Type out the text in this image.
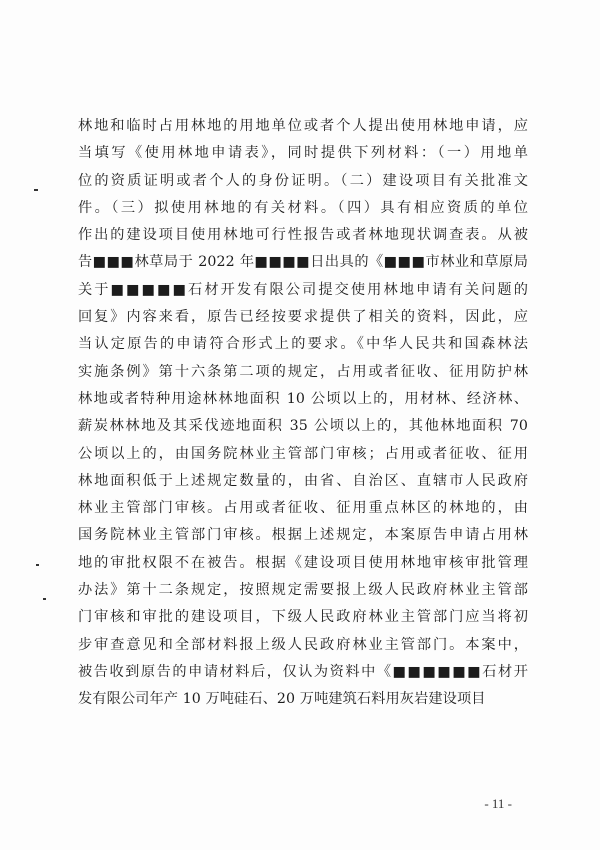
林地和临时占用林地的用地单位或者个人提出使用林地申请，应
当填写《使用林地申请表》，同时提供下列材料：（一）用地单
位的资质证明或者个人的身份证明。（二）建设项目有关批准文
件。（三）拟使用林地的有关材料。（四）具有相应资质的单位
作出的建设项目使用林地可行性报告或者林地现状调查表。从被
告■■■林草局于 2022 年■■■■日出具的《■■■市林业和草原局
关于■■■■■石材开发有限公司提交使用林地申请有关问题的
回复》内容来看，原告已经按要求提供了相关的资料，因此，应
当认定原告的申请符合形式上的要求。《中华人民共和国森林法
实施条例》第十六条第二项的规定，占用或者征收、征用防护林
林地或者特种用途林林地面积 10 公顷以上的，用材林、经济林、
薪炭林林地及其采伐迹地面积 35 公顷以上的，其他林地面积 70
公顷以上的，由国务院林业主管部门审核；占用或者征收、征用
林地面积低于上述规定数量的，由省、自治区、直辖市人民政府
林业主管部门审核。占用或者征收、征用重点林区的林地的，由
国务院林业主管部门审核。根据上述规定，本案原告申请占用林
地的审批权限不在被告。根据《建设项目使用林地审核审批管理
办法》第十二条规定，按照规定需要报上级人民政府林业主管部
门审核和审批的建设项目，下级人民政府林业主管部门应当将初
步审查意见和全部材料报上级人民政府林业主管部门。本案中，
被告收到原告的申请材料后，仅认为资料中《■■■■■■石材开
发有限公司年产 10 万吨硅石、20 万吨建筑石料用灰岩建设项目
- 11 -
